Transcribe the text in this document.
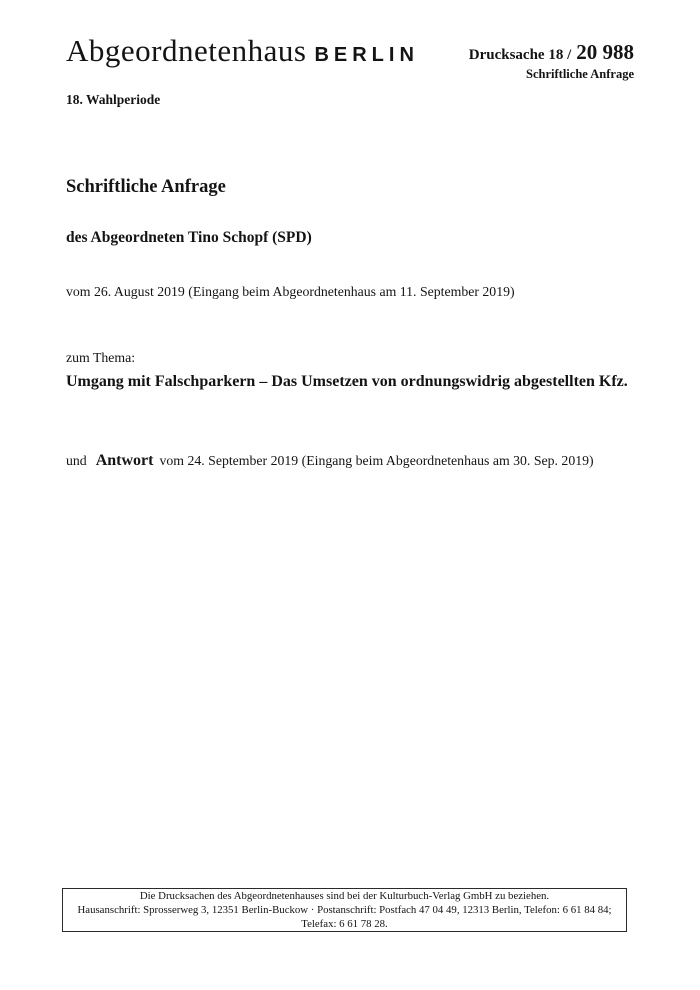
Abgeordnetenhaus BERLIN	Drucksache 18 / 20 988
Schriftliche Anfrage
18. Wahlperiode
Schriftliche Anfrage
des Abgeordneten Tino Schopf (SPD)
vom 26. August 2019 (Eingang beim Abgeordnetenhaus am 11. September 2019)
zum Thema:
Umgang mit Falschparkern – Das Umsetzen von ordnungswidrig abgestellten Kfz.
und Antwort vom 24. September 2019 (Eingang beim Abgeordnetenhaus am 30. Sep. 2019)
Die Drucksachen des Abgeordnetenhauses sind bei der Kulturbuch-Verlag GmbH zu beziehen.
Hausanschrift: Sprosserweg 3, 12351 Berlin-Buckow · Postanschrift: Postfach 47 04 49, 12313 Berlin, Telefon: 6 61 84 84; Telefax: 6 61 78 28.
